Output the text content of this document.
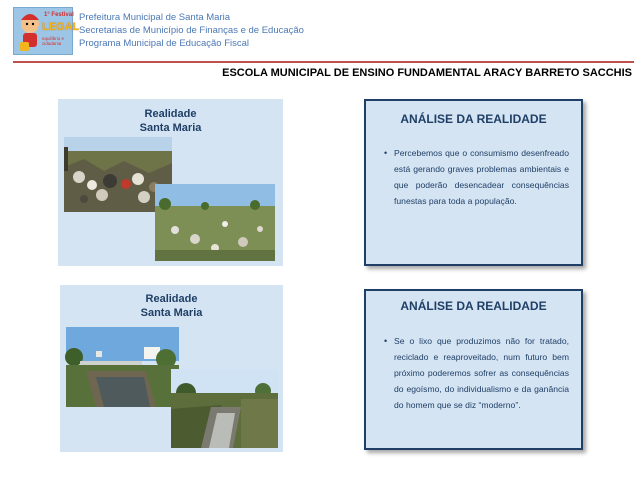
1° Festival
LEGAL
equilíbrio e cidadania
Prefeitura Municipal de Santa Maria
Secretarias de Município de Finanças e de Educação
Programa Municipal de Educação Fiscal
ESCOLA MUNICIPAL DE ENSINO FUNDAMENTAL ARACY BARRETO SACCHIS
Realidade
Santa Maria
ANÁLISE DA REALIDADE
• Percebemos que o consumismo desenfreado está gerando graves problemas ambientais e que poderão desencadear consequências funestas para toda a população.
Realidade
Santa Maria	ANÁLISE DA REALIDADE
• Se o lixo que produzimos não for tratado, reciclado e reaproveitado, num futuro bem próximo poderemos sofrer as consequências do egoísmo, do individualismo e da ganância do homem que se diz “moderno”.
